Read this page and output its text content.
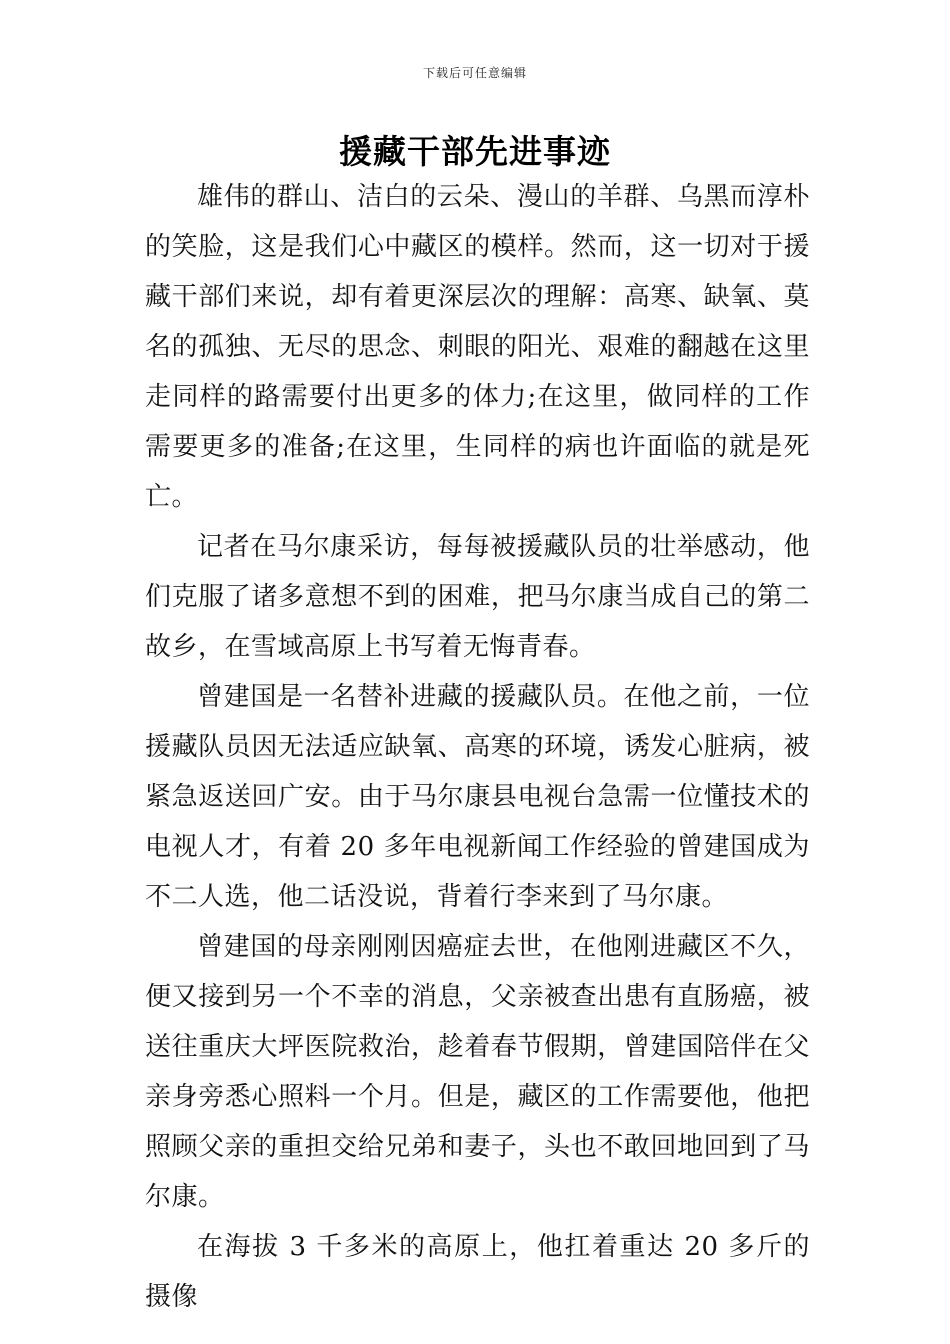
下载后可任意编辑
援藏干部先进事迹

雄伟的群山、洁白的云朵、漫山的羊群、乌黑而淳朴的笑脸，这是我们心中藏区的模样。然而，这一切对于援藏干部们来说，却有着更深层次的理解：高寒、缺氧、莫名的孤独、无尽的思念、刺眼的阳光、艰难的翻越在这里走同样的路需要付出更多的体力;在这里，做同样的工作需要更多的准备;在这里，生同样的病也许面临的就是死亡。

记者在马尔康采访，每每被援藏队员的壮举感动，他们克服了诸多意想不到的困难，把马尔康当成自己的第二故乡，在雪域高原上书写着无悔青春。

曾建国是一名替补进藏的援藏队员。在他之前，一位援藏队员因无法适应缺氧、高寒的环境，诱发心脏病，被紧急返送回广安。由于马尔康县电视台急需一位懂技术的电视人才，有着 20 多年电视新闻工作经验的曾建国成为不二人选，他二话没说，背着行李来到了马尔康。

曾建国的母亲刚刚因癌症去世，在他刚进藏区不久，便又接到另一个不幸的消息，父亲被查出患有直肠癌，被送往重庆大坪医院救治，趁着春节假期，曾建国陪伴在父亲身旁悉心照料一个月。但是，藏区的工作需要他，他把照顾父亲的重担交给兄弟和妻子，头也不敢回地回到了马尔康。

在海拔 3 千多米的高原上，他扛着重达 20 多斤的摄像
